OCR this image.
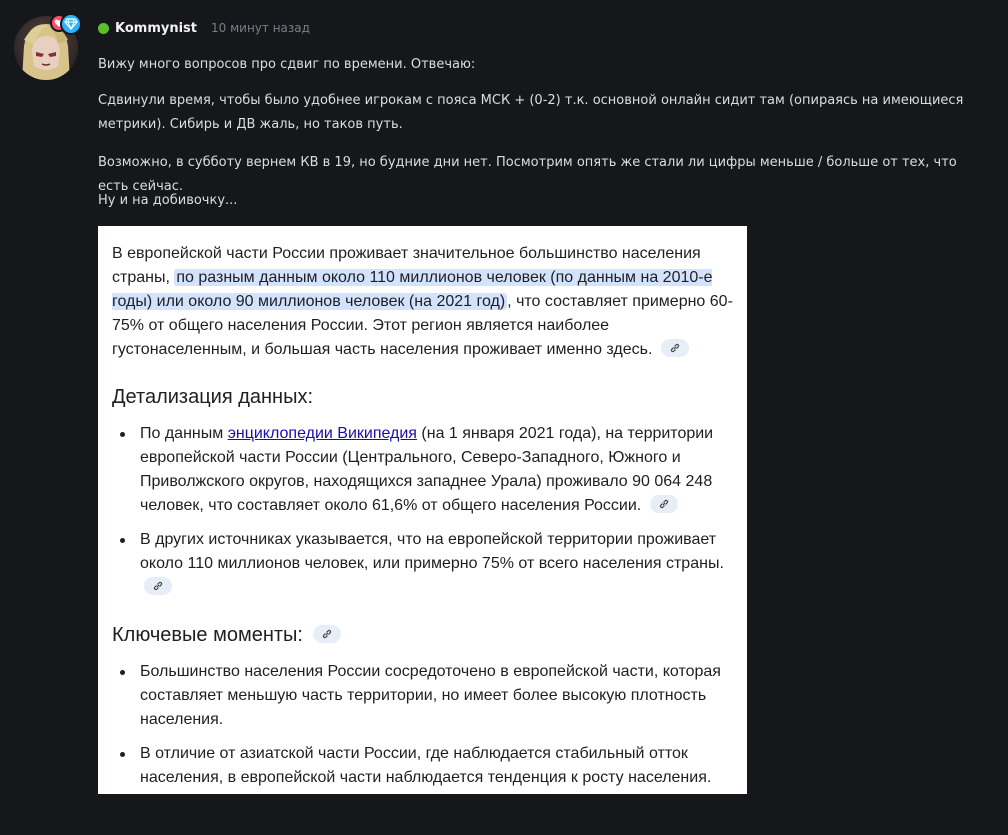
Kommynist 10 минут назад
Вижу много вопросов про сдвиг по времени. Отвечаю:
Сдвинули время, чтобы было удобнее игрокам с пояса МСК + (0-2) т.к. основной онлайн сидит там (опираясь на имеющиеся метрики). Сибирь и ДВ жаль, но таков путь.
Возможно, в субботу вернем КВ в 19, но будние дни нет. Посмотрим опять же стали ли цифры меньше / больше от тех, что есть сейчас.
Ну и на добивочку...

В европейской части России проживает значительное большинство населения страны, по разным данным около 110 миллионов человек (по данным на 2010-е годы) или около 90 миллионов человек (на 2021 год) , что составляет примерно 60-75% от общего населения России. Этот регион является наиболее густонаселенным, и большая часть населения проживает именно здесь.

Детализация данных:
По данным энциклопедии Википедия (на 1 января 2021 года), на территории европейской части России (Центрального, Северо-Западного, Южного и Приволжского округов, находящихся западнее Урала) проживало 90 064 248 человек, что составляет около 61,6% от общего населения России.
В других источниках указывается, что на европейской территории проживает около 110 миллионов человек, или примерно 75% от всего населения страны.
Ключевые моменты:
Большинство населения России сосредоточено в европейской части, которая составляет меньшую часть территории, но имеет более высокую плотность населения.
В отличие от азиатской части России, где наблюдается стабильный отток населения, в европейской части наблюдается тенденция к росту населения.
